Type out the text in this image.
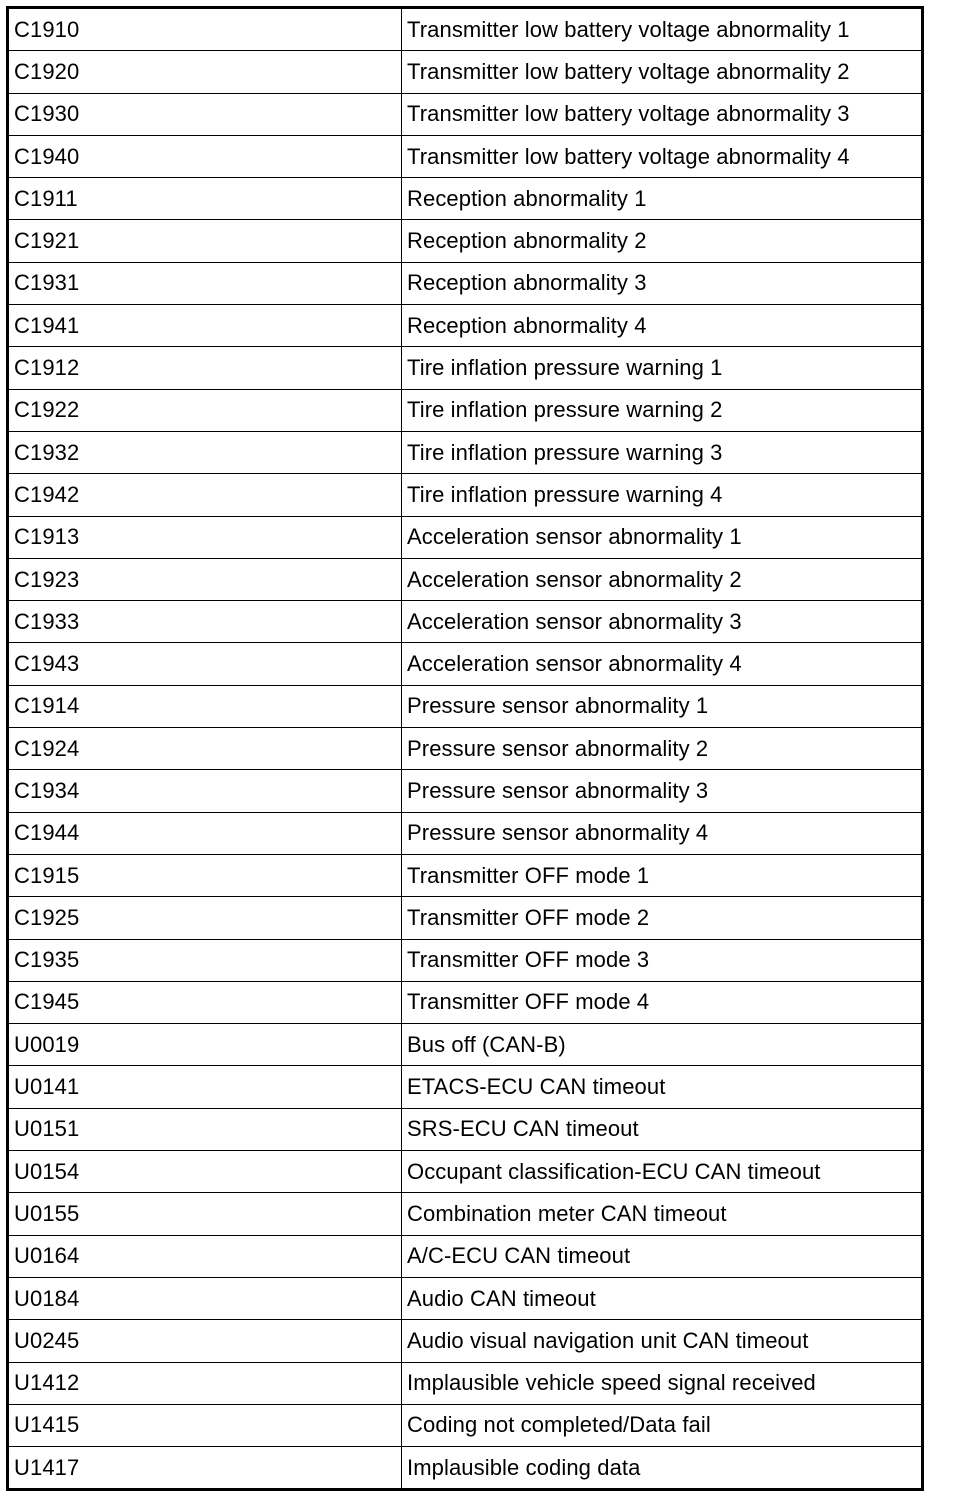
C1910	Transmitter low battery voltage abnormality 1
C1920	Transmitter low battery voltage abnormality 2
C1930	Transmitter low battery voltage abnormality 3
C1940	Transmitter low battery voltage abnormality 4
C1911	Reception abnormality 1
C1921	Reception abnormality 2
C1931	Reception abnormality 3
C1941	Reception abnormality 4
C1912	Tire inflation pressure warning 1
C1922	Tire inflation pressure warning 2
C1932	Tire inflation pressure warning 3
C1942	Tire inflation pressure warning 4
C1913	Acceleration sensor abnormality 1
C1923	Acceleration sensor abnormality 2
C1933	Acceleration sensor abnormality 3
C1943	Acceleration sensor abnormality 4
C1914	Pressure sensor abnormality 1
C1924	Pressure sensor abnormality 2
C1934	Pressure sensor abnormality 3
C1944	Pressure sensor abnormality 4
C1915	Transmitter OFF mode 1
C1925	Transmitter OFF mode 2
C1935	Transmitter OFF mode 3
C1945	Transmitter OFF mode 4
U0019	Bus off (CAN-B)
U0141	ETACS-ECU CAN timeout
U0151	SRS-ECU CAN timeout
U0154	Occupant classification-ECU CAN timeout
U0155	Combination meter CAN timeout
U0164	A/C-ECU CAN timeout
U0184	Audio CAN timeout
U0245	Audio visual navigation unit CAN timeout
U1412	Implausible vehicle speed signal received
U1415	Coding not completed/Data fail
U1417	Implausible coding data
